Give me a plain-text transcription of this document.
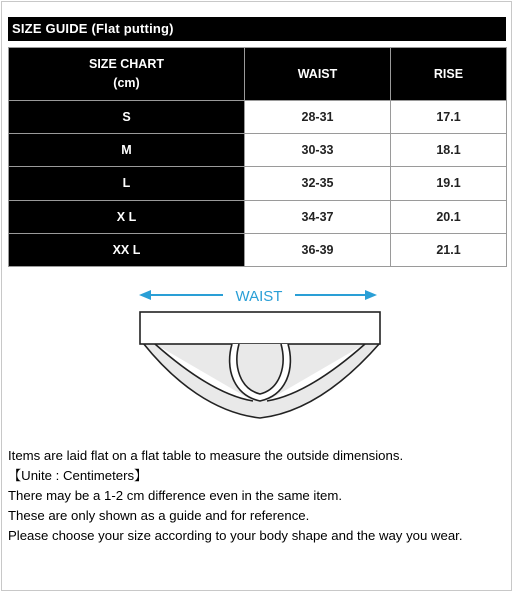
SIZE GUIDE (Flat putting)
SIZE CHART
(cm)	WAIST	RISE
S	28-31	17.1
M	30-33	18.1
L	32-35	19.1
X L	34-37	20.1
XX L	36-39	21.1
WAIST
Items are laid flat on a flat table to measure the outside dimensions.
【Unite : Centimeters】
There may be a 1-2 cm difference even in the same item.
These are only shown as a guide and for reference.
Please choose your size according to your body shape and the way you wear.
